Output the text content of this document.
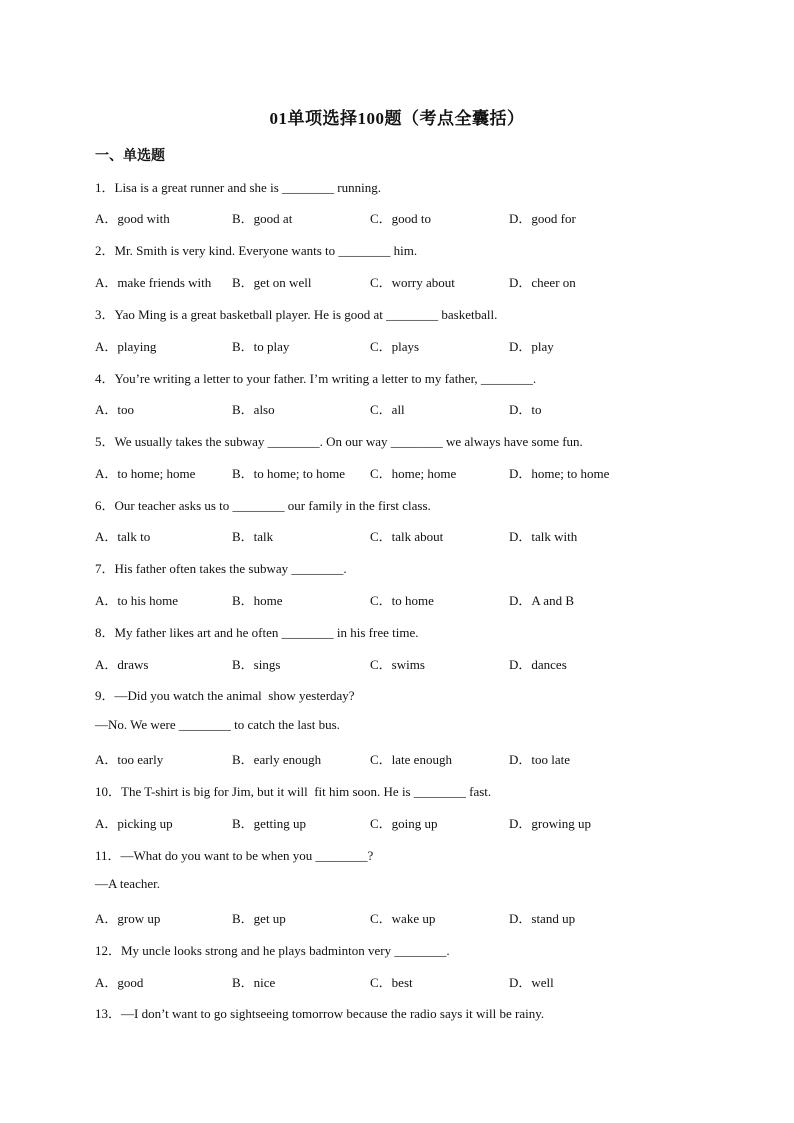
01单项选择100题（考点全囊括）
一、单选题
1．Lisa is a great runner and she is ________ running.
A．good with	B．good at	C．good to	D．good for
2．Mr. Smith is very kind. Everyone wants to ________ him.
A．make friends with B．get on well	C．worry about	D．cheer on
3．Yao Ming is a great basketball player. He is good at ________ basketball.
A．playing	B．to play	C．plays	D．play
4．You’re writing a letter to your father. I’m writing a letter to my father, ________.
A．too	B．also	C．all	D．to
5．We usually takes the subway ________. On our way ________ we always have some fun.
A．to home; home	B．to home; to home C．home; home	D．home; to home
6．Our teacher asks us to ________ our family in the first class.
A．talk to	B．talk	C．talk about	D．talk with
7．His father often takes the subway ________.
A．to his home	B．home	C．to home	D．A and B
8．My father likes art and he often ________ in his free time.
A．draws	B．sings	C．swims	D．dances
9．—Did you watch the animal  show yesterday?
—No. We were ________ to catch the last bus.
A．too early	B．early enough	C．late enough	D．too late
10．The T-shirt is big for Jim, but it will  fit him soon. He is ________ fast.
A．picking up	B．getting up	C．going up	D．growing up
11．—What do you want to be when you ________?
—A teacher.
A．grow up	B．get up	C．wake up	D．stand up
12．My uncle looks strong and he plays badminton very ________.
A．good	B．nice	C．best	D．well
13．—I don’t want to go sightseeing tomorrow because the radio says it will be rainy.
